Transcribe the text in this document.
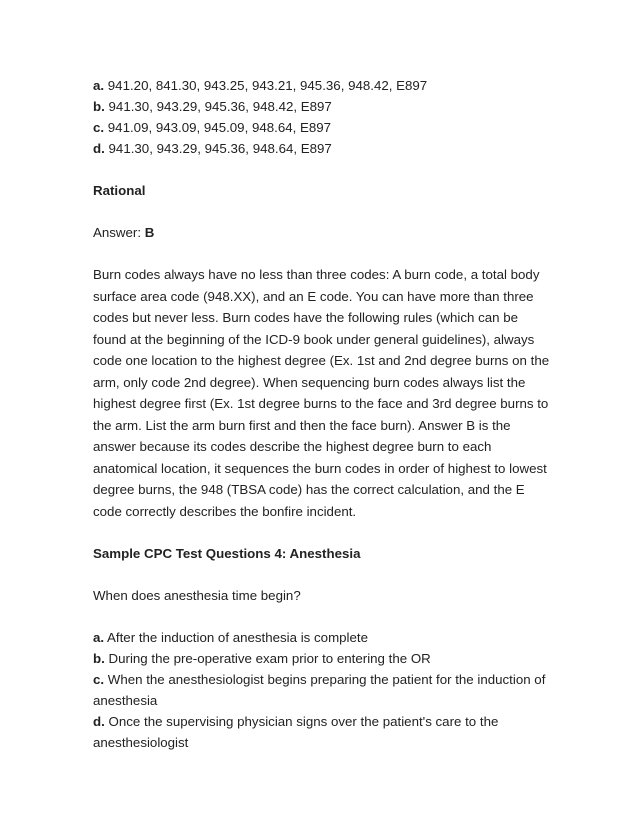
a. 941.20, 841.30, 943.25, 943.21, 945.36, 948.42, E897

b. 941.30, 943.29, 945.36, 948.42, E897

c. 941.09, 943.09, 945.09, 948.64, E897

d. 941.30, 943.29, 945.36, 948.64, E897

Rational

Answer: B

Burn codes always have no less than three codes: A burn code, a total body
surface area code (948.XX), and an E code. You can have more than three
codes but never less. Burn codes have the following rules (which can be
found at the beginning of the ICD-9 book under general guidelines), always
code one location to the highest degree (Ex. 1st and 2nd degree burns on the
arm, only code 2nd degree). When sequencing burn codes always list the
highest degree first (Ex. 1st degree burns to the face and 3rd degree burns to
the arm. List the arm burn first and then the face burn). Answer B is the
answer because its codes describe the highest degree burn to each
anatomical location, it sequences the burn codes in order of highest to lowest
degree burns, the 948 (TBSA code) has the correct calculation, and the E
code correctly describes the bonfire incident.

Sample CPC Test Questions 4: Anesthesia

When does anesthesia time begin?

a. After the induction of anesthesia is complete

b. During the pre-operative exam prior to entering the OR

c. When the anesthesiologist begins preparing the patient for the induction of

anesthesia

d. Once the supervising physician signs over the patient's care to the

anesthesiologist
